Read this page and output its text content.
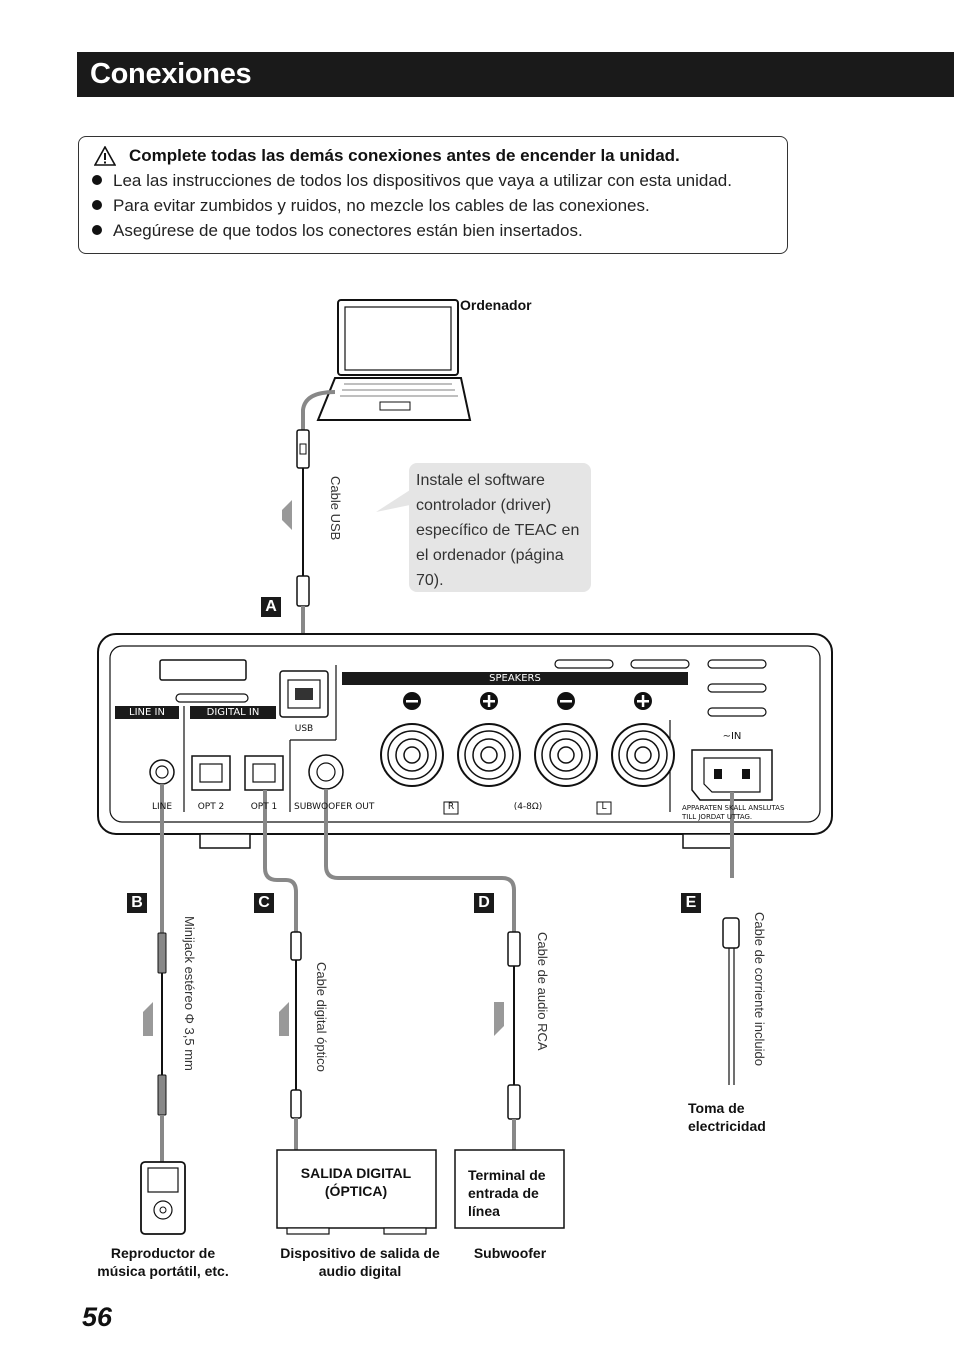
Conexiones
Complete todas las demás conexiones antes de encender la unidad.
Lea las instrucciones de todos los dispositivos que vaya a utilizar con esta unidad.
Para evitar zumbidos y ruidos, no mezcle los cables de las conexiones.
Asegúrese de que todos los conectores están bien insertados.
A
B	C	D	E
Ordenador
Instale el software controlador (driver) específico de TEAC en el ordenador (página 70).
Cable USB
Minijack estéreo Φ 3,5 mm	Cable digital óptico	Cable de audio RCA	Cable de corriente incluido
LINE IN	DIGITAL IN
SPEAKERS
USB
LINE	OPT 2	OPT 1	SUBWOOFER OUT	R	(4-8Ω)	L
∼IN
APPARATEN SKALL ANSLUTAS
TILL JORDAT UTTAG.
Reproductor de música portátil, etc.
SALIDA DIGITAL (ÓPTICA)
Dispositivo de salida de audio digital
Terminal de entrada de línea
Subwoofer
Toma de electricidad
56
